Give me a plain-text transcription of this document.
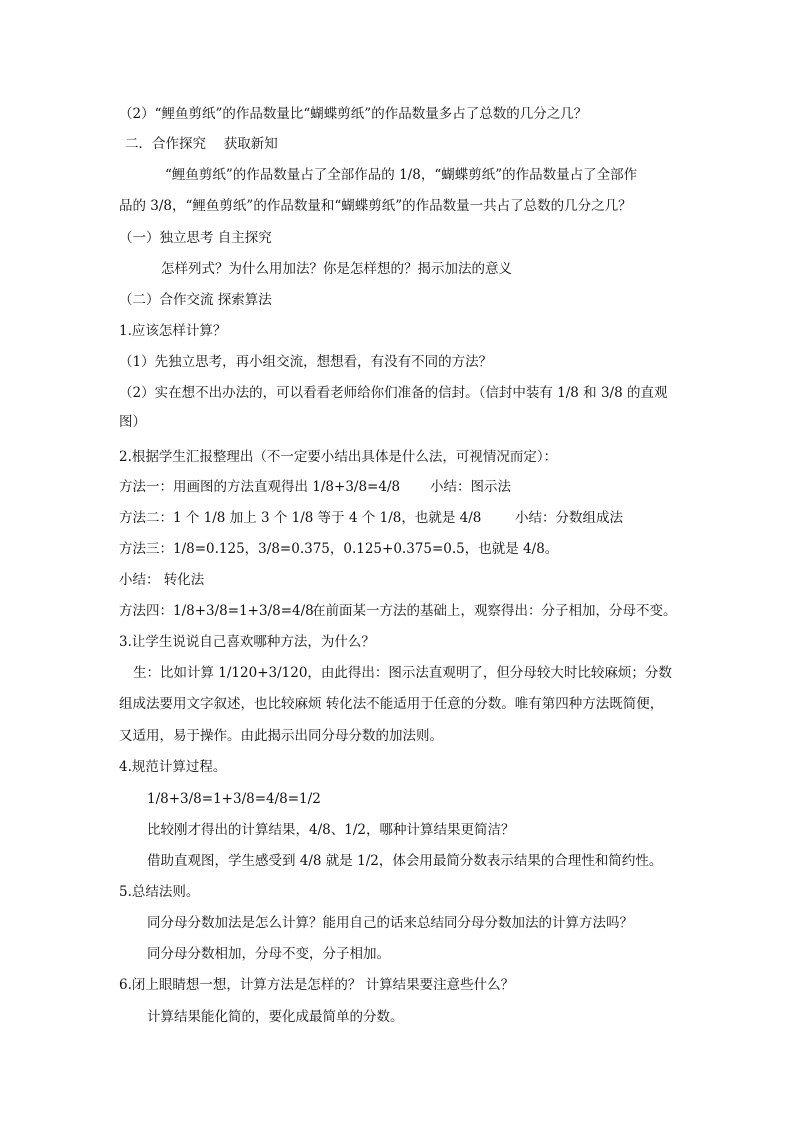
（2）“鲤鱼剪纸”的作品数量比“蝴蝶剪纸”的作品数量多占了总数的几分之几？
二．合作探究　 获取新知
“鲤鱼剪纸”的作品数量占了全部作品的 1/8，“蝴蝶剪纸”的作品数量占了全部作
品的 3/8，“鲤鱼剪纸”的作品数量和“蝴蝶剪纸”的作品数量一共占了总数的几分之几？
（一）独立思考 自主探究
怎样列式？为什么用加法？你是怎样想的？揭示加法的意义
（二）合作交流 探索算法
1.应该怎样计算？
（1）先独立思考，再小组交流，想想看，有没有不同的方法？
（2）实在想不出办法的，可以看看老师给你们准备的信封。（信封中装有 1/8 和 3/8 的直观
图）
2.根据学生汇报整理出（不一定要小结出具体是什么法，可视情况而定）：
方法一：用画图的方法直观得出 1/8+3/8=4/8 小结：图示法
方法二：1 个 1/8 加上 3 个 1/8 等于 4 个 1/8，也就是 4/8 小结：分数组成法
方法三：1/8=0.125，3/8=0.375，0.125+0.375=0.5，也就是 4/8。
小结： 转化法
方法四：1/8+3/8=1+3/8=4/8
在前面某一方法的基础上，观察得出：分子相加，分母不变。
3.让学生说说自己喜欢哪种方法，为什么？
生：比如计算 1/120+3/120，由此得出：图示法直观明了，但分母较大时比较麻烦；分数
组成法要用文字叙述，也比较麻烦 转化法不能适用于任意的分数。唯有第四种方法既简便，
又适用，易于操作。由此揭示出同分母分数的加法则。
4.规范计算过程。
1/8+3/8=1+3/8=4/8=1/2
比较刚才得出的计算结果，4/8、1/2，哪种计算结果更简洁？
借助直观图，学生感受到 4/8 就是 1/2，体会用最简分数表示结果的合理性和简约性。
5.总结法则。
同分母分数加法是怎么计算？能用自己的话来总结同分母分数加法的计算方法吗？
同分母分数相加，分母不变，分子相加。
6.闭上眼睛想一想，计算方法是怎样的？ 计算结果要注意些什么？
计算结果能化简的，要化成最简单的分数。
